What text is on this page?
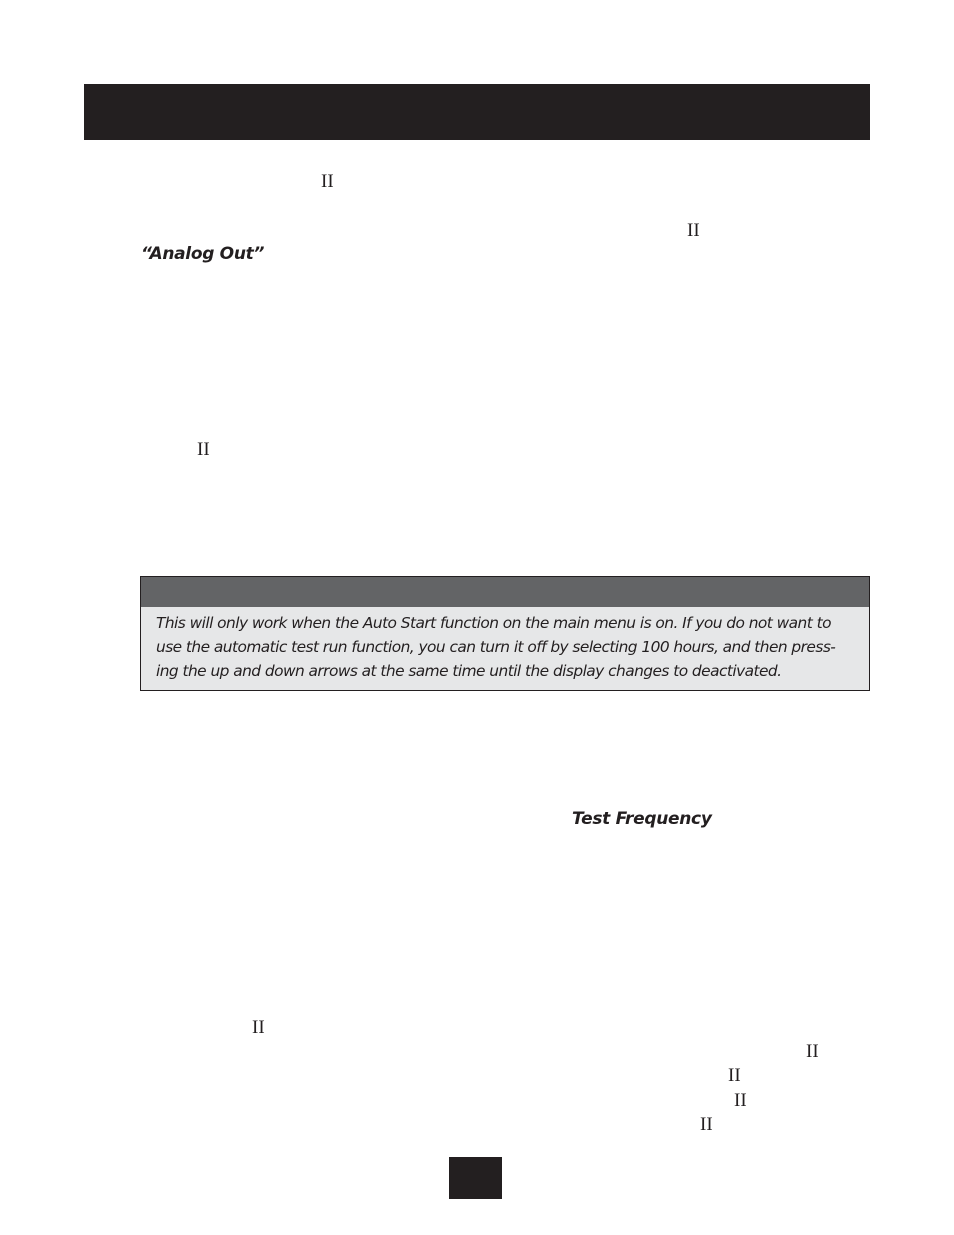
II
II
“Analog Out”
II

This will only work when the Auto Start function on the main menu is on. If you do not want to
use the automatic test run function, you can turn it off by selecting 100 hours, and then press-
ing the up and down arrows at the same time until the display changes to deactivated.

Test Frequency
II
II
II
II
II
